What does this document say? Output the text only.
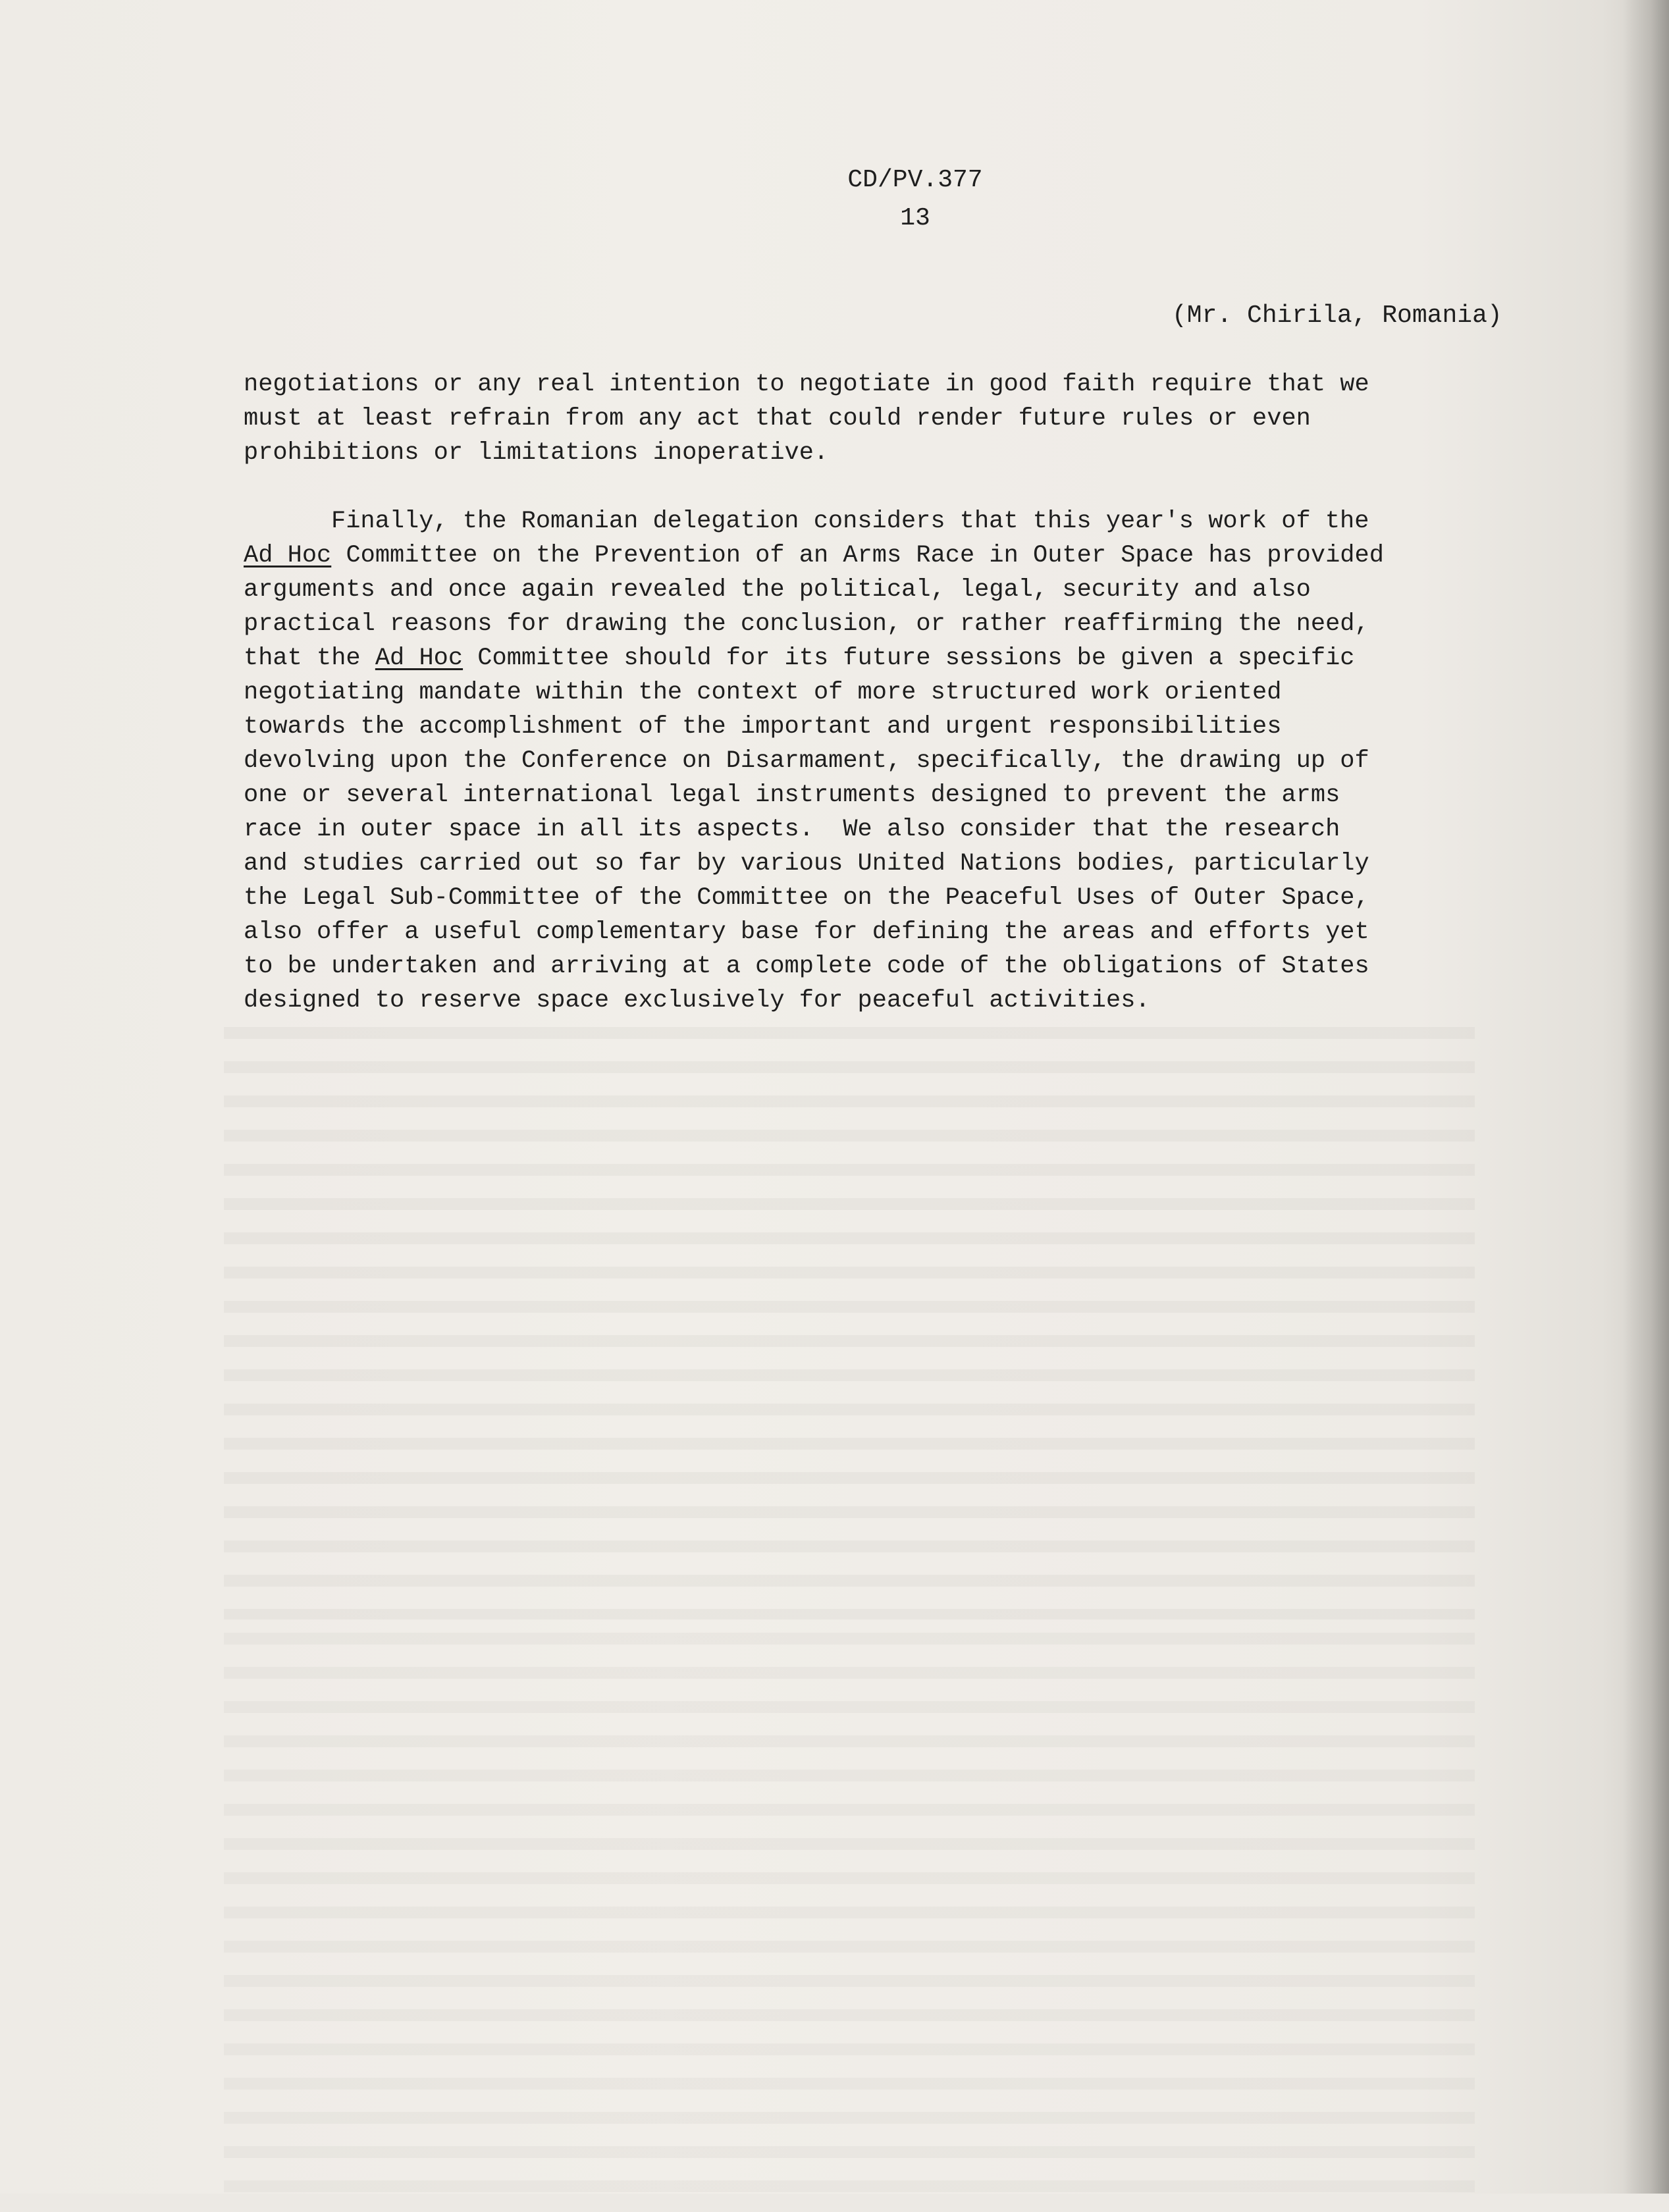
CD/PV.377
13
(Mr. Chirila, Romania)

negotiations or any real intention to negotiate in good faith require that we

must at least refrain from any act that could render future rules or even

prohibitions or limitations inoperative.

Finally, the Romanian delegation considers that this year's work of the

Ad Hoc Committee on the Prevention of an Arms Race in Outer Space has provided

arguments and once again revealed the political, legal, security and also

practical reasons for drawing the conclusion, or rather reaffirming the need,

that the Ad Hoc Committee should for its future sessions be given a specific

negotiating mandate within the context of more structured work oriented

towards the accomplishment of the important and urgent responsibilities

devolving upon the Conference on Disarmament, specifically, the drawing up of

one or several international legal instruments designed to prevent the arms

race in outer space in all its aspects.  We also consider that the research

and studies carried out so far by various United Nations bodies, particularly

the Legal Sub-Committee of the Committee on the Peaceful Uses of Outer Space,

also offer a useful complementary base for defining the areas and efforts yet

to be undertaken and arriving at a complete code of the obligations of States

designed to reserve space exclusively for peaceful activities.
